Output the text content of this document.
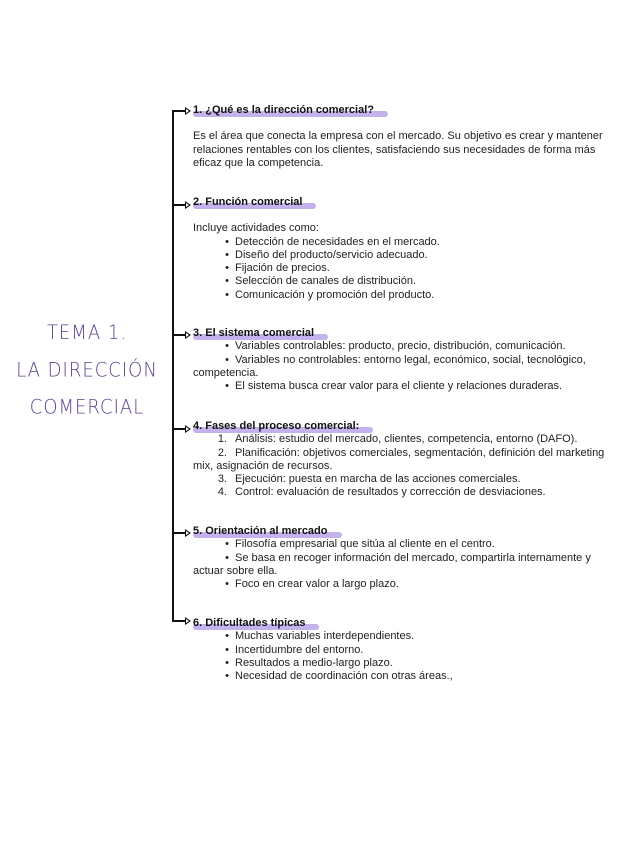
TEMA 1.
LA DIRECCIÓN
COMERCIAL
1. ¿Qué es la dirección comercial?

Es el área que conecta la empresa con el mercado. Su objetivo es crear y mantener relaciones rentables con los clientes, satisfaciendo sus necesidades de forma más eficaz que la competencia.

2. Función comercial
Incluye actividades como:
• Detección de necesidades en el mercado.
• Diseño del producto/servicio adecuado.
• Fijación de precios.
• Selección de canales de distribución.
• Comunicación y promoción del producto.
3. El sistema comercial
• Variables controlables: producto, precio, distribución, comunicación.
• Variables no controlables: entorno legal, económico, social, tecnológico, competencia.
• El sistema busca crear valor para el cliente y relaciones duraderas.
4. Fases del proceso comercial:
1. Análisis: estudio del mercado, clientes, competencia, entorno (DAFO).
2. Planificación: objetivos comerciales, segmentación, definición del marketing mix, asignación de recursos.
3. Ejecución: puesta en marcha de las acciones comerciales.
4. Control: evaluación de resultados y corrección de desviaciones.
5. Orientación al mercado
• Filosofía empresarial que sitúa al cliente en el centro.
• Se basa en recoger información del mercado, compartirla internamente y actuar sobre ella.
• Foco en crear valor a largo plazo.
6. Dificultades típicas
• Muchas variables interdependientes.
• Incertidumbre del entorno.
• Resultados a medio-largo plazo.
• Necesidad de coordinación con otras áreas.,
